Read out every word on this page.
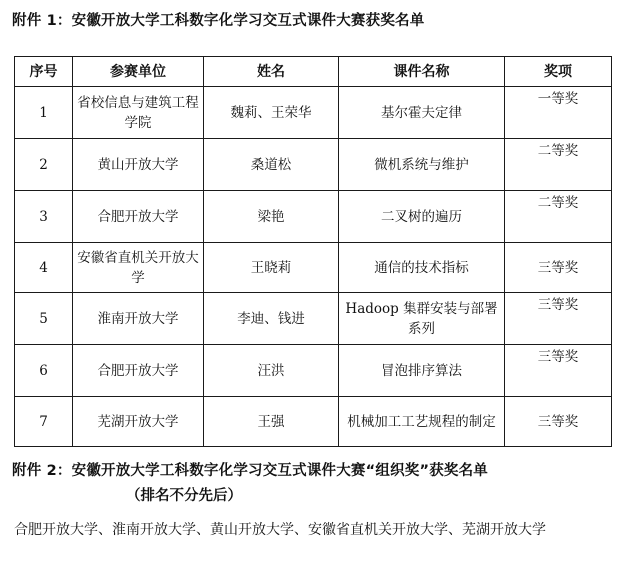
附件 1：安徽开放大学工科数字化学习交互式课件大赛获奖名单
序号	参赛单位	姓名	课件名称	奖项
1	省校信息与建筑工程学院	魏莉、王荣华	基尔霍夫定律	一等奖
2	黄山开放大学	桑道松	微机系统与维护	二等奖
3	合肥开放大学	梁艳	二叉树的遍历	二等奖
4	安徽省直机关开放大学	王晓莉	通信的技术指标	三等奖
5	淮南开放大学	李迪、钱进	Hadoop 集群安装与部署系列	三等奖
6	合肥开放大学	汪洪	冒泡排序算法	三等奖
7	芜湖开放大学	王强	机械加工工艺规程的制定	三等奖
附件 2：安徽开放大学工科数字化学习交互式课件大赛“组织奖”获奖名单
（排名不分先后）
合肥开放大学、淮南开放大学、黄山开放大学、安徽省直机关开放大学、芜湖开放大学
